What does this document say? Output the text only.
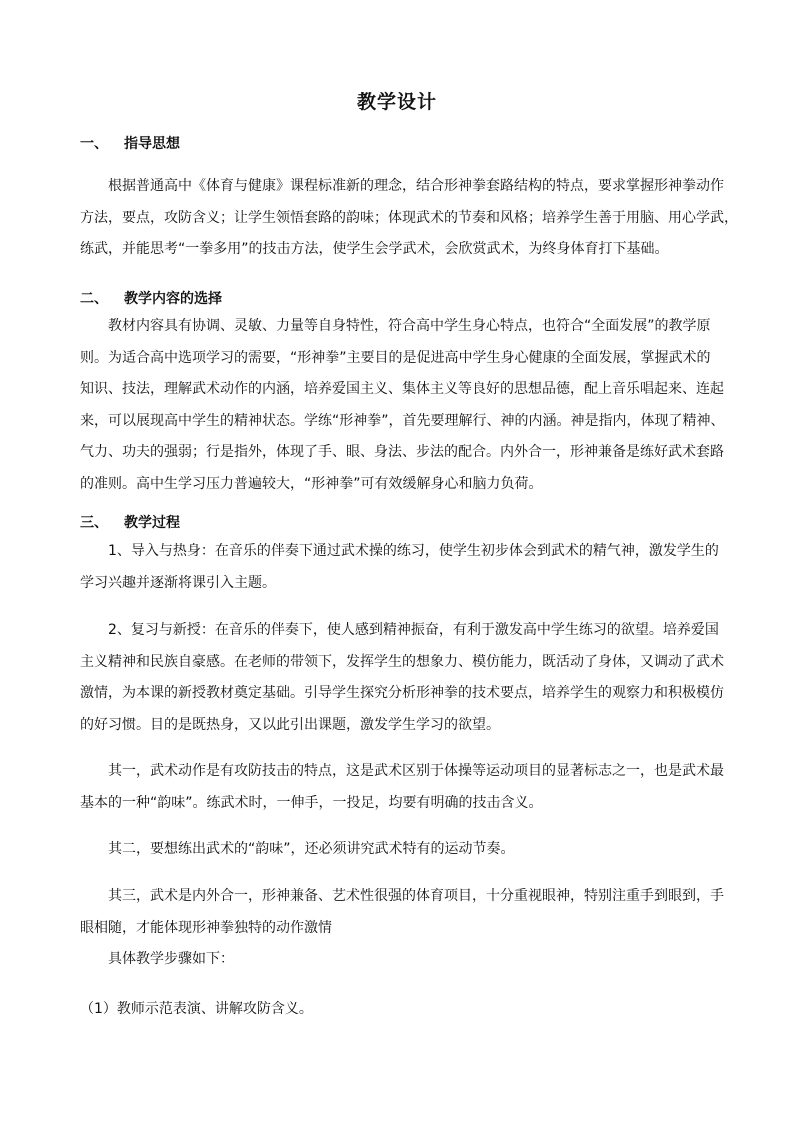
教学设计
一、 指导思想
　　根据普通高中《体育与健康》课程标准新的理念，结合形神拳套路结构的特点，要求掌握形神拳动作
方法，要点，攻防含义；让学生领悟套路的韵味；体现武术的节奏和风格；培养学生善于用脑、用心学武，
练武，并能思考“一拳多用”的技击方法，使学生会学武术，会欣赏武术，为终身体育打下基础。
二、 教学内容的选择
　　教材内容具有协调、灵敏、力量等自身特性，符合高中学生身心特点，也符合“全面发展”的教学原
则。为适合高中选项学习的需要，“形神拳”主要目的是促进高中学生身心健康的全面发展，掌握武术的
知识、技法，理解武术动作的内涵，培养爱国主义、集体主义等良好的思想品德，配上音乐唱起来、连起
来，可以展现高中学生的精神状态。学练“形神拳”，首先要理解行、神的内涵。神是指内，体现了精神、
气力、功夫的强弱；行是指外，体现了手、眼、身法、步法的配合。内外合一，形神兼备是练好武术套路
的准则。高中生学习压力普遍较大，“形神拳”可有效缓解身心和脑力负荷。
三、 教学过程
　　1、导入与热身：在音乐的伴奏下通过武术操的练习，使学生初步体会到武术的精气神，激发学生的
学习兴趣并逐渐将课引入主题。
　　2、复习与新授：在音乐的伴奏下，使人感到精神振奋，有利于激发高中学生练习的欲望。培养爱国
主义精神和民族自豪感。在老师的带领下，发挥学生的想象力、模仿能力，既活动了身体，又调动了武术
激情，为本课的新授教材奠定基础。引导学生探究分析形神拳的技术要点，培养学生的观察力和积极模仿
的好习惯。目的是既热身，又以此引出课题，激发学生学习的欲望。
　　其一，武术动作是有攻防技击的特点，这是武术区别于体操等运动项目的显著标志之一，也是武术最
基本的一种“韵味”。练武术时，一伸手，一投足，均要有明确的技击含义。
　　其二，要想练出武术的“韵味”，还必须讲究武术特有的运动节奏。
　　其三，武术是内外合一，形神兼备、艺术性很强的体育项目，十分重视眼神，特别注重手到眼到，手
眼相随，才能体现形神拳独特的动作激情
　　具体教学步骤如下：
（1）教师示范表演、讲解攻防含义。
